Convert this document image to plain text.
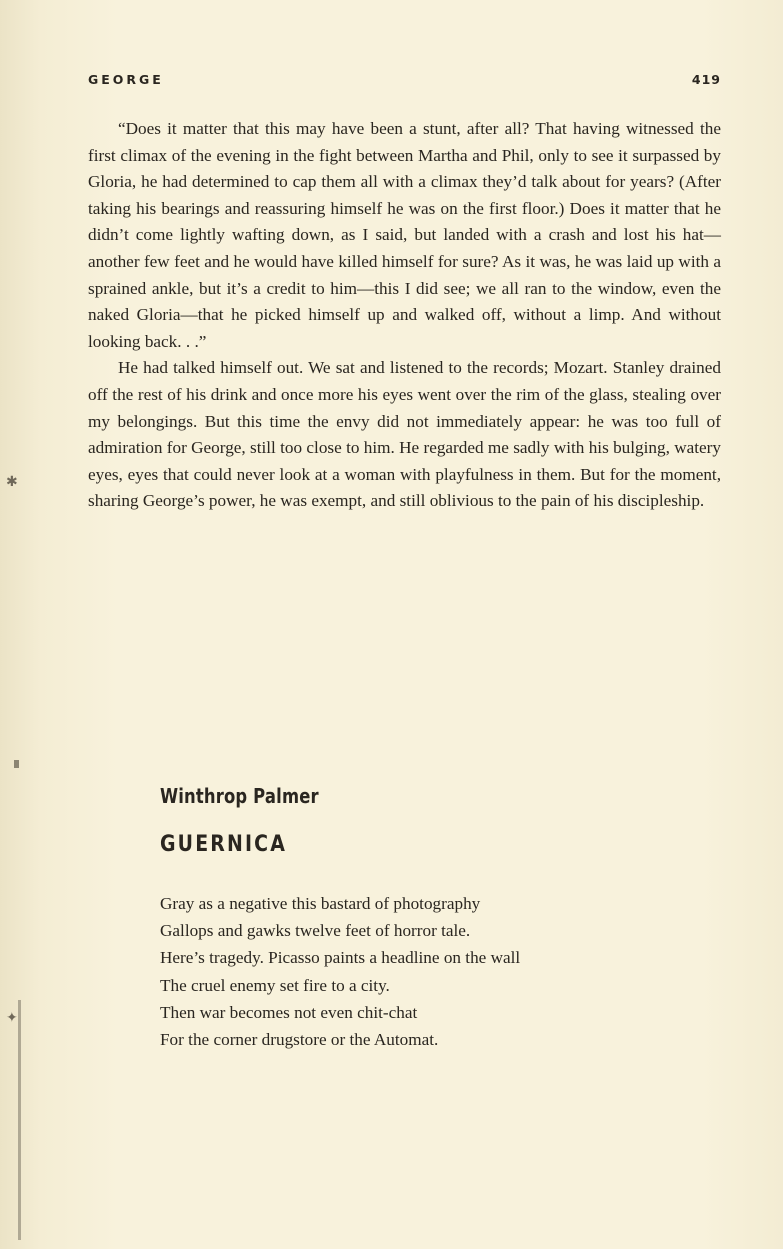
✱
✦
GEORGE	419

“Does it matter that this may have been a stunt, after all? That having witnessed the first climax of the evening in the fight between Martha and Phil, only to see it surpassed by Gloria, he had determined to cap them all with a climax they’d talk about for years? (After taking his bearings and reassuring himself he was on the first floor.) Does it matter that he didn’t come lightly wafting down, as I said, but landed with a crash and lost his hat—another few feet and he would have killed himself for sure? As it was, he was laid up with a sprained ankle, but it’s a credit to him—this I did see; we all ran to the window, even the naked Gloria—that he picked himself up and walked off, without a limp. And without looking back. . .”

He had talked himself out. We sat and listened to the records; Mozart. Stanley drained off the rest of his drink and once more his eyes went over the rim of the glass, stealing over my belongings. But this time the envy did not immediately appear: he was too full of admiration for George, still too close to him. He regarded me sadly with his bulging, watery eyes, eyes that could never look at a woman with playfulness in them. But for the moment, sharing George’s power, he was exempt, and still oblivious to the pain of his discipleship.

Winthrop Palmer
GUERNICA
Gray as a negative this bastard of photography
Gallops and gawks twelve feet of horror tale.
Here’s tragedy. Picasso paints a headline on the wall
The cruel enemy set fire to a city.
Then war becomes not even chit-chat
For the corner drugstore or the Automat.
